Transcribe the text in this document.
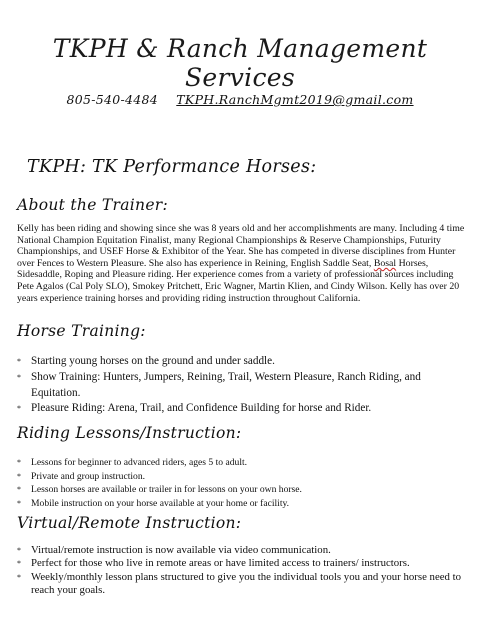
TKPH & Ranch Management Services
805-540-4484 TKPH.RanchMgmt2019@gmail.com
TKPH: TK Performance Horses:
About the Trainer:
Kelly has been riding and showing since she was 8 years old and her accomplishments are many. Including 4 time National Champion Equitation Finalist, many Regional Championships & Reserve Championships, Futurity Championships, and USEF Horse & Exhibitor of the Year. She has competed in diverse disciplines from Hunter over Fences to Western Pleasure. She also has experience in Reining, English Saddle Seat, Bosal Horses, Sidesaddle, Roping and Pleasure riding. Her experience comes from a variety of professional sources including Pete Agalos (Cal Poly SLO), Smokey Pritchett, Eric Wagner, Martin Klien, and Cindy Wilson. Kelly has over 20 years experience training horses and providing riding instruction throughout California.
Horse Training:
* Starting young horses on the ground and under saddle.
* Show Training: Hunters, Jumpers, Reining, Trail, Western Pleasure, Ranch Riding, and Equitation.
* Pleasure Riding: Arena, Trail, and Confidence Building for horse and Rider.
Riding Lessons/Instruction:
* Lessons for beginner to advanced riders, ages 5 to adult.
* Private and group instruction.
* Lesson horses are available or trailer in for lessons on your own horse.
* Mobile instruction on your horse available at your home or facility.
Virtual/Remote Instruction:
* Virtual/remote instruction is now available via video communication.
* Perfect for those who live in remote areas or have limited access to trainers/ instructors.
* Weekly/monthly lesson plans structured to give you the individual tools you and your horse need to reach your goals.
